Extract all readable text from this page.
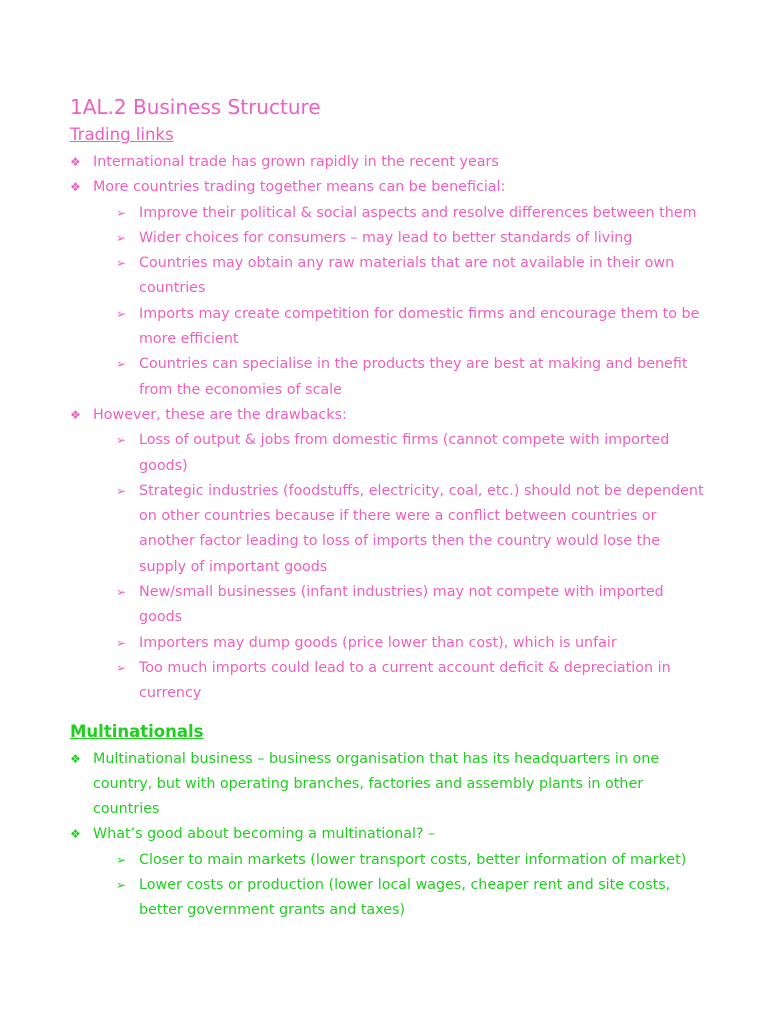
1AL.2 Business Structure
Trading links
❖ International trade has grown rapidly in the recent years
❖ More countries trading together means can be beneficial:
➢ Improve their political & social aspects and resolve differences between them
➢ Wider choices for consumers – may lead to better standards of living
➢ Countries may obtain any raw materials that are not available in their own countries
➢ Imports may create competition for domestic firms and encourage them to be more efficient
➢ Countries can specialise in the products they are best at making and benefit from the economies of scale
❖ However, these are the drawbacks:
➢ Loss of output & jobs from domestic firms (cannot compete with imported goods)
➢ Strategic industries (foodstuffs, electricity, coal, etc.) should not be dependent on other countries because if there were a conflict between countries or another factor leading to loss of imports then the country would lose the supply of important goods
➢ New/small businesses (infant industries) may not compete with imported goods
➢ Importers may dump goods (price lower than cost), which is unfair
➢ Too much imports could lead to a current account deficit & depreciation in currency
Multinationals
❖ Multinational business – business organisation that has its headquarters in one country, but with operating branches, factories and assembly plants in other countries
❖ What’s good about becoming a multinational? –
➢ Closer to main markets (lower transport costs, better information of market)
➢ Lower costs or production (lower local wages, cheaper rent and site costs, better government grants and taxes)
